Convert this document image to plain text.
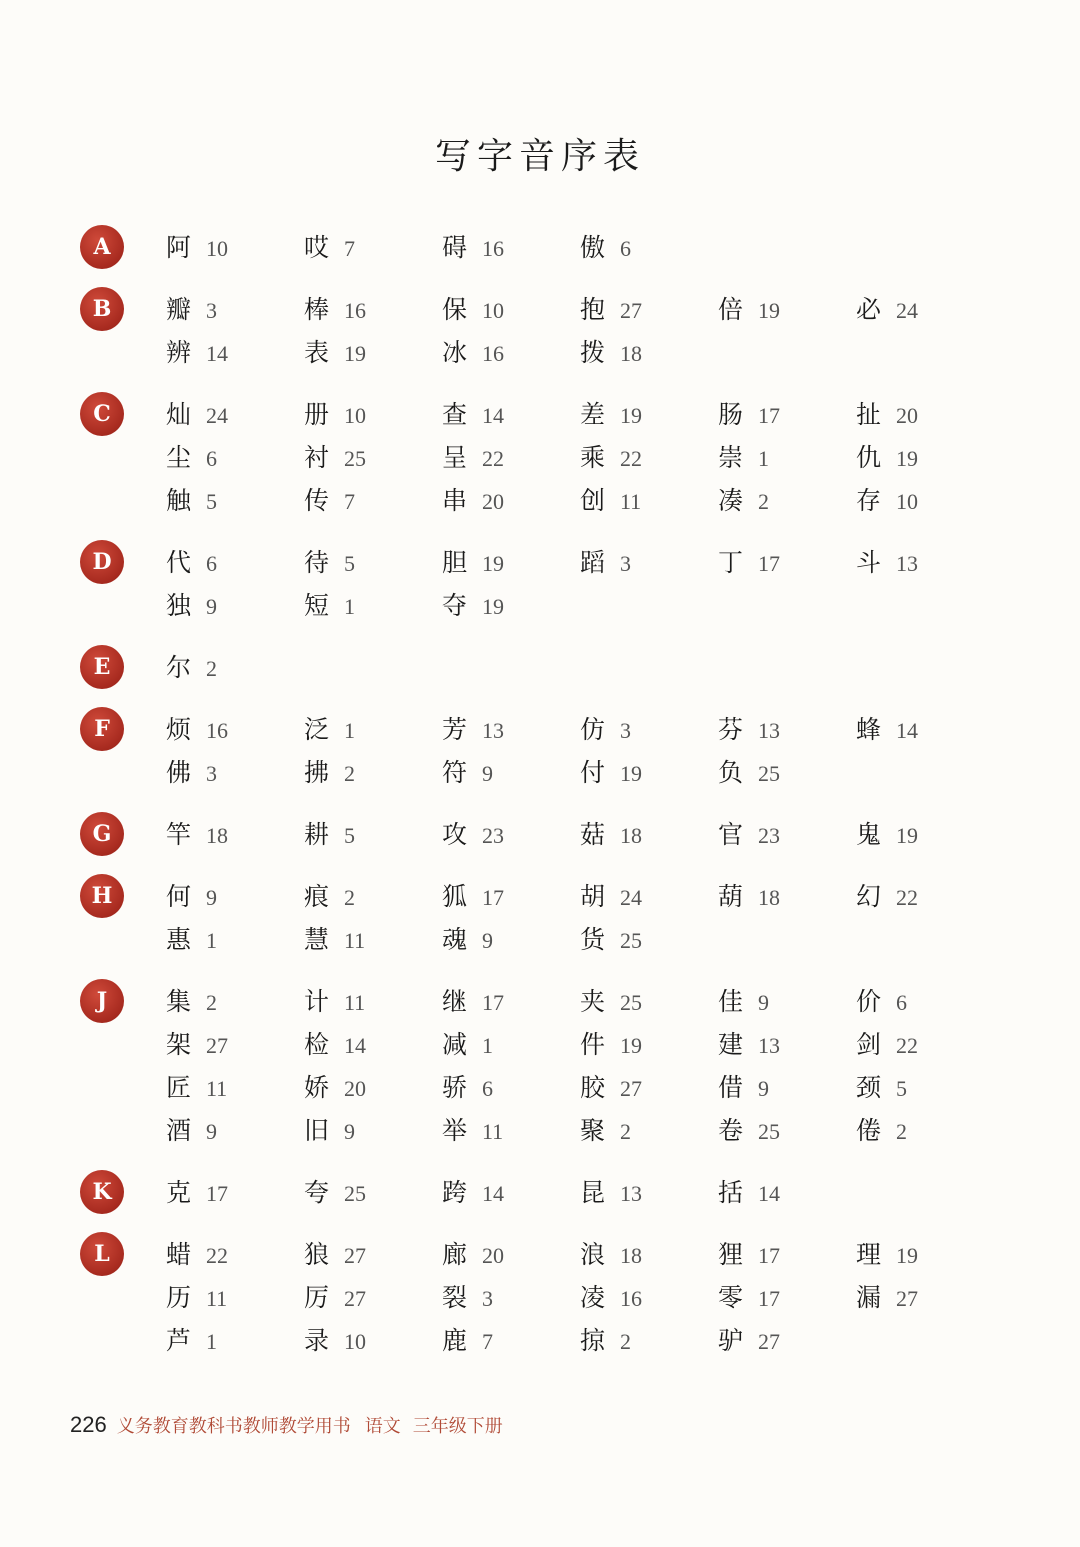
写字音序表
A	阿 10	哎 7	碍 16	傲 6
B	瓣 3	棒 16	保 10	抱 27	倍 19	必 24
辨 14	表 19	冰 16	拨 18
C	灿 24	册 10	查 14	差 19	肠 17	扯 20
尘 6	衬 25	呈 22	乘 22	崇 1	仇 19
触 5	传 7	串 20	创 11	凑 2	存 10
D	代 6	待 5	胆 19	蹈 3	丁 17	斗 13
独 9	短 1	夺 19
E	尔 2
F	烦 16	泛 1	芳 13	仿 3	芬 13	蜂 14
佛 3	拂 2	符 9	付 19	负 25
G	竿 18	耕 5	攻 23	菇 18	官 23	鬼 19
H	何 9	痕 2	狐 17	胡 24	葫 18	幻 22
惠 1	慧 11	魂 9	货 25
J	集 2	计 11	继 17	夹 25	佳 9	价 6
架 27	检 14	减 1	件 19	建 13	剑 22
匠 11	娇 20	骄 6	胶 27	借 9	颈 5
酒 9	旧 9	举 11	聚 2	卷 25	倦 2
K	克 17	夸 25	跨 14	昆 13	括 14
L	蜡 22	狼 27	廊 20	浪 18	狸 17	理 19
历 11	厉 27	裂 3	凌 16	零 17	漏 27
芦 1	录 10	鹿 7	掠 2	驴 27
226 义务教育教科书教师教学用书 语文 三年级下册
